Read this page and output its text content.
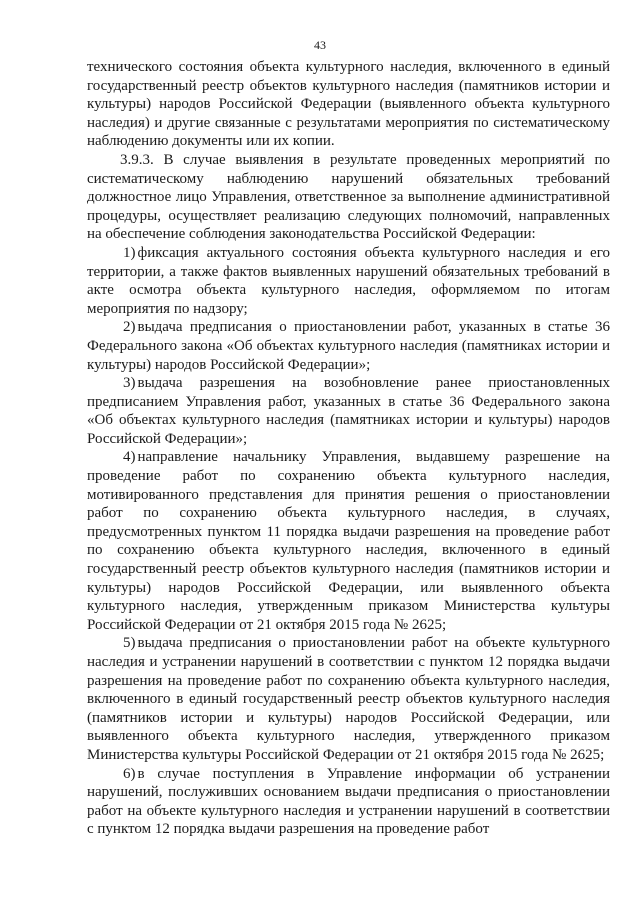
43

технического состояния объекта культурного наследия, включенного в единый государственный реестр объектов культурного наследия (памятников истории и культуры) народов Российской Федерации (выявленного объекта культурного наследия) и другие связанные с результатами мероприятия по систематическому наблюдению документы или их копии.

3.9.3. В случае выявления в результате проведенных мероприятий по систематическому наблюдению нарушений обязательных требований должностное лицо Управления, ответственное за выполнение административной процедуры, осуществляет реализацию следующих полномочий, направленных на обеспечение соблюдения законодательства Российской Федерации:

1) фиксация актуального состояния объекта культурного наследия и его территории, а также фактов выявленных нарушений обязательных требований в акте осмотра объекта культурного наследия, оформляемом по итогам мероприятия по надзору;

2) выдача предписания о приостановлении работ, указанных в статье 36 Федерального закона «Об объектах культурного наследия (памятниках истории и культуры) народов Российской Федерации»;

3) выдача разрешения на возобновление ранее приостановленных предписанием Управления работ, указанных в статье 36 Федерального закона «Об объектах культурного наследия (памятниках истории и культуры) народов Российской Федерации»;

4) направление начальнику Управления, выдавшему разрешение на проведение работ по сохранению объекта культурного наследия, мотивированного представления для принятия решения о приостановлении работ по сохранению объекта культурного наследия, в случаях, предусмотренных пунктом 11 порядка выдачи разрешения на проведение работ по сохранению объекта культурного наследия, включенного в единый государственный реестр объектов культурного наследия (памятников истории и культуры) народов Российской Федерации, или выявленного объекта культурного наследия, утвержденным приказом Министерства культуры Российской Федерации от 21 октября 2015 года № 2625;

5) выдача предписания о приостановлении работ на объекте культурного наследия и устранении нарушений в соответствии с пунктом 12 порядка выдачи разрешения на проведение работ по сохранению объекта культурного наследия, включенного в единый государственный реестр объектов культурного наследия (памятников истории и культуры) народов Российской Федерации, или выявленного объекта культурного наследия, утвержденного приказом Министерства культуры Российской Федерации от 21 октября 2015 года № 2625;

6) в случае поступления в Управление информации об устранении нарушений, послуживших основанием выдачи предписания о приостановлении работ на объекте культурного наследия и устранении нарушений в соответствии с пунктом 12 порядка выдачи разрешения на проведение работ
